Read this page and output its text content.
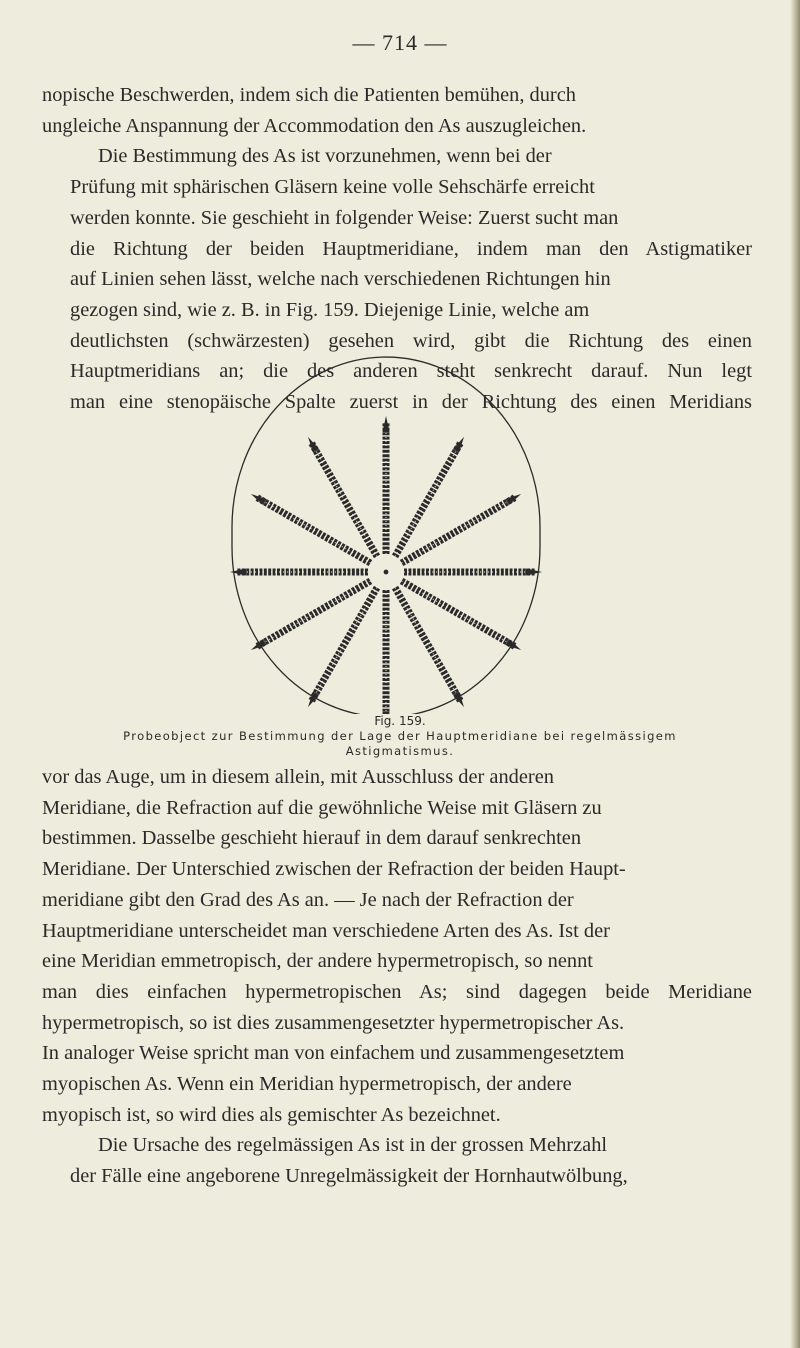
— 714 —

nopische Beschwerden, indem sich die Patienten bemühen, durch
ungleiche Anspannung der Accommodation den As auszugleichen.

Die Bestimmung des As ist vorzunehmen, wenn bei der
Prüfung mit sphärischen Gläsern keine volle Sehschärfe erreicht
werden konnte. Sie geschieht in folgender Weise: Zuerst sucht man
die Richtung der beiden Hauptmeridiane, indem man den Astigmatiker
auf Linien sehen lässt, welche nach verschiedenen Richtungen hin
gezogen sind, wie z. B. in Fig. 159. Diejenige Linie, welche am
deutlichsten (schwärzesten) gesehen wird, gibt die Richtung des einen
Hauptmeridians an; die des anderen steht senkrecht darauf. Nun legt
man eine stenopäische Spalte zuerst in der Richtung des einen Meridians

Fig. 159.
Probeobject zur Bestimmung der Lage der Hauptmeridiane bei regelmässigem
Astigmatismus.

vor das Auge, um in diesem allein, mit Ausschluss der anderen
Meridiane, die Refraction auf die gewöhnliche Weise mit Gläsern zu
bestimmen. Dasselbe geschieht hierauf in dem darauf senkrechten
Meridiane. Der Unterschied zwischen der Refraction der beiden Haupt-
meridiane gibt den Grad des As an. — Je nach der Refraction der
Hauptmeridiane unterscheidet man verschiedene Arten des As. Ist der
eine Meridian emmetropisch, der andere hypermetropisch, so nennt
man dies einfachen hypermetropischen As; sind dagegen beide Meridiane
hypermetropisch, so ist dies zusammengesetzter hypermetropischer As.
In analoger Weise spricht man von einfachem und zusammengesetztem
myopischen As. Wenn ein Meridian hypermetropisch, der andere
myopisch ist, so wird dies als gemischter As bezeichnet.

Die Ursache des regelmässigen As ist in der grossen Mehrzahl
der Fälle eine angeborene Unregelmässigkeit der Hornhautwölbung,
